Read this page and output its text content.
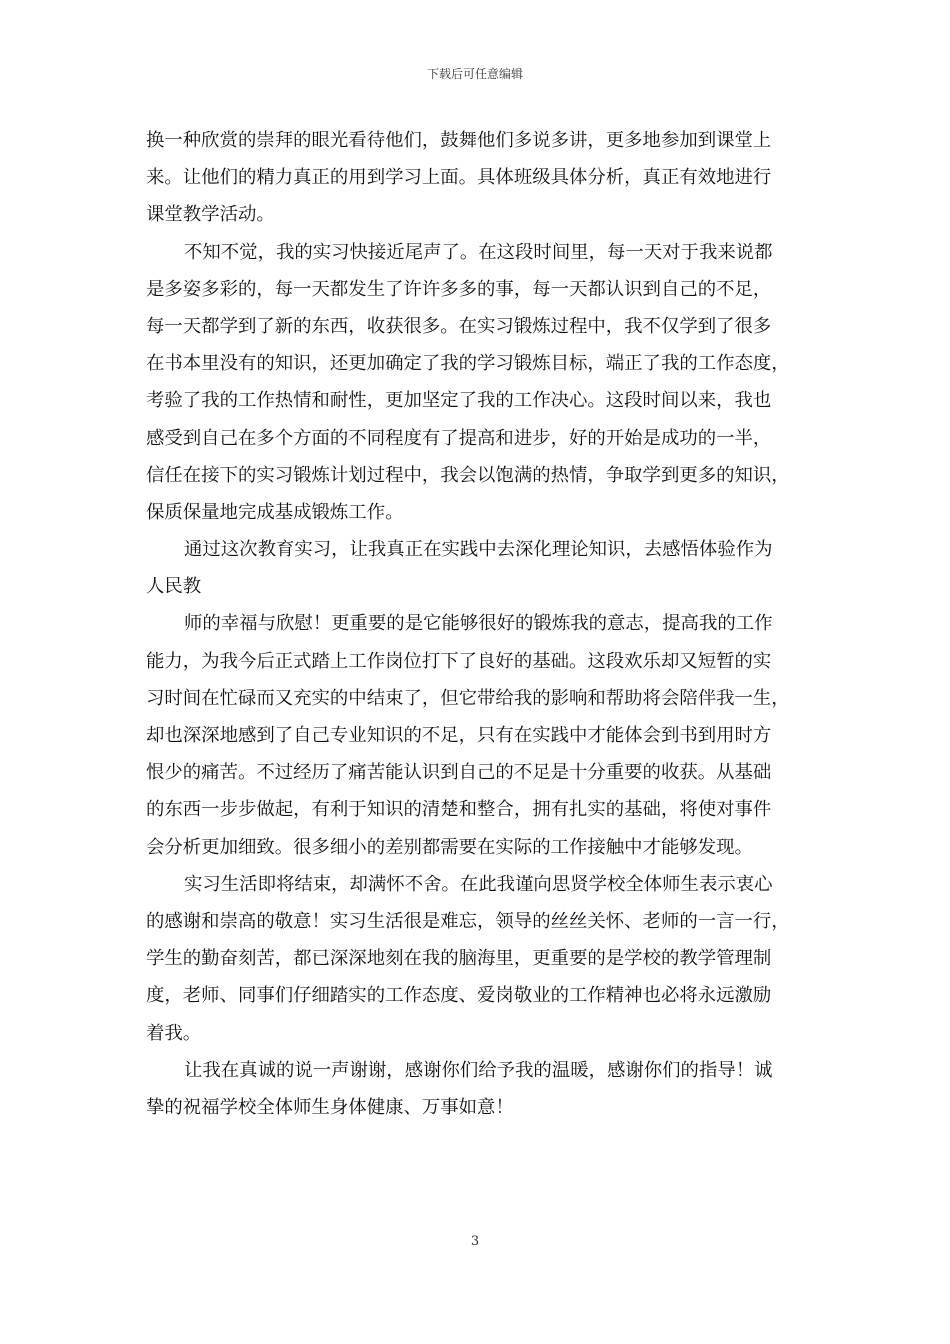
下载后可任意编辑
换一种欣赏的崇拜的眼光看待他们，鼓舞他们多说多讲，更多地参加到课堂上
来。让他们的精力真正的用到学习上面。具体班级具体分析，真正有效地进行
课堂教学活动。
不知不觉，我的实习快接近尾声了。在这段时间里，每一天对于我来说都
是多姿多彩的，每一天都发生了许许多多的事，每一天都认识到自己的不足，
每一天都学到了新的东西，收获很多。在实习锻炼过程中，我不仅学到了很多
在书本里没有的知识，还更加确定了我的学习锻炼目标，端正了我的工作态度，
考验了我的工作热情和耐性，更加坚定了我的工作决心。这段时间以来，我也
感受到自己在多个方面的不同程度有了提高和进步，好的开始是成功的一半，
信任在接下的实习锻炼计划过程中，我会以饱满的热情，争取学到更多的知识，
保质保量地完成基成锻炼工作。
通过这次教育实习，让我真正在实践中去深化理论知识，去感悟体验作为
人民教
师的幸福与欣慰！更重要的是它能够很好的锻炼我的意志，提高我的工作
能力，为我今后正式踏上工作岗位打下了良好的基础。这段欢乐却又短暂的实
习时间在忙碌而又充实的中结束了，但它带给我的影响和帮助将会陪伴我一生，
却也深深地感到了自己专业知识的不足，只有在实践中才能体会到书到用时方
恨少的痛苦。不过经历了痛苦能认识到自己的不足是十分重要的收获。从基础
的东西一步步做起，有利于知识的清楚和整合，拥有扎实的基础，将使对事件
会分析更加细致。很多细小的差别都需要在实际的工作接触中才能够发现。
实习生活即将结束，却满怀不舍。在此我谨向思贤学校全体师生表示衷心
的感谢和崇高的敬意！实习生活很是难忘，领导的丝丝关怀、老师的一言一行，
学生的勤奋刻苦，都已深深地刻在我的脑海里，更重要的是学校的教学管理制
度，老师、同事们仔细踏实的工作态度、爱岗敬业的工作精神也必将永远激励
着我。
让我在真诚的说一声谢谢，感谢你们给予我的温暖，感谢你们的指导！诚
挚的祝福学校全体师生身体健康、万事如意！
3
